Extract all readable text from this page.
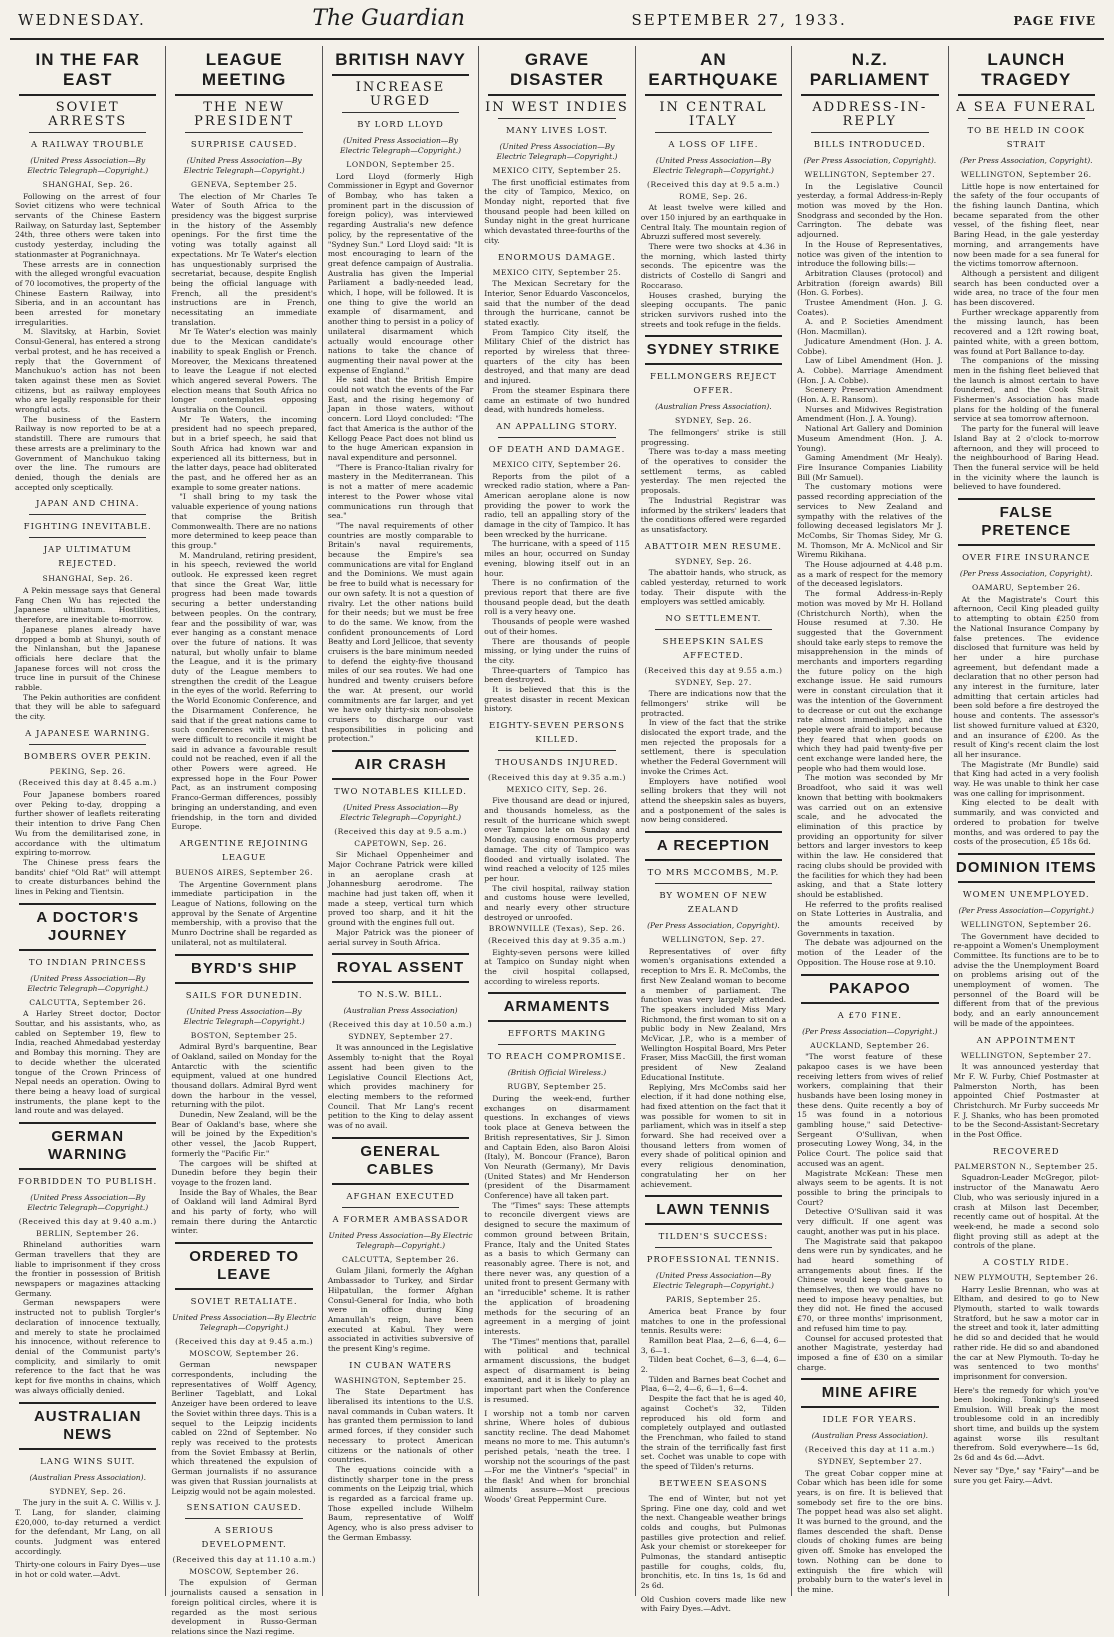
WEDNESDAY.	The Guardian	SEPTEMBER 27, 1933.	PAGE FIVE
IN THE FAR EAST
SOVIET ARRESTS
A RAILWAY TROUBLE
(United Press Association—By Electric Telegraph—Copyright.)
SHANGHAI, Sep. 26.
Following on the arrest of four Soviet citizens who were technical servants of the Chinese Eastern Railway, on Saturday last, September 24th, three others were taken into custody yesterday, including the stationmaster at Pogranichnaya.
These arrests are in connection with the alleged wrongful evacuation of 70 locomotives, the property of the Chinese Eastern Railway, into Siberia, and in an accountant has been arrested for monetary irregularities.
M. Slavitsky, at Harbin, Soviet Consul-General, has entered a strong verbal protest, and he has received a reply that the Government of Manchukuo's action has not been taken against these men as Soviet citizens, but as railway employees who are legally responsible for their wrongful acts.
The business of the Eastern Railway is now reported to be at a standstill. There are rumours that these arrests are a preliminary to the Government of Manchukuo taking over the line. The rumours are denied, though the denials are accepted only sceptically.
JAPAN AND CHINA.
FIGHTING INEVITABLE.
JAP ULTIMATUM REJECTED.
SHANGHAI, Sep. 26.
A Pekin message says that General Fang Chen Wu has rejected the Japanese ultimatum. Hostilities, therefore, are inevitable to-morrow.
Japanese planes already have dropped a bomb at Shunyi, south of the Ninlanshan, but the Japanese officials here declare that the Japanese forces will not cross the truce line in pursuit of the Chinese rabble.
The Pekin authorities are confident that they will be able to safeguard the city.
A JAPANESE WARNING.
BOMBERS OVER PEKIN.
PEKING, Sep. 26.
(Received this day at 8.45 a.m.)
Four Japanese bombers roared over Peking to-day, dropping a further shower of leaflets reiterating their intention to drive Fang Chen Wu from the demilitarised zone, in accordance with the ultimatum expiring to-morrow.
The Chinese press fears the bandits' chief "Old Rat" will attempt to create disturbances behind the lines in Peking and Tientsin.
A DOCTOR'S JOURNEY
TO INDIAN PRINCESS
(United Press Association—By Electric Telegraph—Copyright.)
CALCUTTA, September 26.
A Harley Street doctor, Doctor Souttar, and his assistants, who, as cabled on September 19, flew to India, reached Ahmedabad yesterday and Bombay this morning. They are to decide whether the ulcerated tongue of the Crown Princess of Nepal needs an operation. Owing to there being a heavy load of surgical instruments, the plane kept to the land route and was delayed.
GERMAN WARNING
FORBIDDEN TO PUBLISH.
(United Press Association—By Electric Telegraph—Copyright.)
(Received this day at 9.40 a.m.)
BERLIN, September 26.
Rhineland authorities warn German travellers that they are liable to imprisonment if they cross the frontier in possession of British newspapers or magazines attacking Germany.
German newspapers were instructed not to publish Torgler's declaration of innocence textually, and merely to state he proclaimed his innocence, without reference to denial of the Communist party's complicity, and similarly to omit reference to the fact that he was kept for five months in chains, which was always officially denied.
AUSTRALIAN NEWS
LANG WINS SUIT.
(Australian Press Association).
SYDNEY, Sep. 26.
The jury in the suit A. C. Willis v. J. T. Lang, for slander, claiming £20,000, to-day returned a verdict for the defendant, Mr Lang, on all counts. Judgment was entered accordingly.
Thirty-one colours in Fairy Dyes—use in hot or cold water.—Advt.
LEAGUE MEETING
THE NEW PRESIDENT
SURPRISE CAUSED.
(United Press Association—By Electric Telegraph—Copyright.)
GENEVA, September 25.
The election of Mr Charles Te Water of South Africa to the presidency was the biggest surprise in the history of the Assembly openings. For the first time the voting was totally against all expectations. Mr Te Water's election has unquestionably surprised the secretariat, because, despite English being the official language with French, all the president's instructions are in French, necessitating an immediate translation.
Mr Te Water's election was mainly due to the Mexican candidate's inability to speak English or French. Moreover, the Mexicans threatened to leave the League if not elected which angered several Powers. The election means that South Africa no longer contemplates opposing Australia on the Council.
Mr Te Waters, the incoming president had no speech prepared, but in a brief speech, he said that South Africa had known war and experienced all its bitterness, but in the latter days, peace had obliterated the past, and he offered her as an example to some greater nations.
"I shall bring to my task the valuable experience of young nations that comprise the British Commonwealth. There are no nations more determined to keep peace than this group."
M. Mandruland, retiring president, in his speech, reviewed the world outlook. He expressed keen regret that since the Great War, little progress had been made towards securing a better understanding between peoples. On the contrary, fear and the possibility of war, was ever hanging as a constant menace over the future of nations. It was natural, but wholly unfair to blame the League, and it is the primary duty of the League members to strengthen the credit of the League in the eyes of the world. Referring to the World Economic Conference, and the Disarmament Conference, he said that if the great nations came to such conferences with views that were difficult to reconcile it might be said in advance a favourable result could not be reached, even if all the other Powers were agreed. He expressed hope in the Four Power Pact, as an instrument composing Franco-German differences, possibly bringing an understanding, and even friendship, in the torn and divided Europe.
ARGENTINE REJOINING LEAGUE
BUENOS AIRES, September 26.
The Argentine Government plans immediate participation in the League of Nations, following on the approval by the Senate of Argentine membership, with a proviso that the Munro Doctrine shall be regarded as unilateral, not as multilateral.
BYRD'S SHIP
SAILS FOR DUNEDIN.
(United Press Association—By Electric Telegraph—Copyright.)
BOSTON, September 25.
Admiral Byrd's barquentine, Bear of Oakland, sailed on Monday for the Antarctic with the scientific equipment, valued at one hundred thousand dollars. Admiral Byrd went down the harbour in the vessel, returning with the pilot.
Dunedin, New Zealand, will be the Bear of Oakland's base, where she will be joined by the Expedition's other vessel, the Jacob Ruppert, formerly the "Pacific Fir."
The cargoes will be shifted at Dunedin before they begin their voyage to the frozen land.
Inside the Bay of Whales, the Bear of Oakland will land Admiral Byrd and his party of forty, who will remain there during the Antarctic winter.
ORDERED TO LEAVE
SOVIET RETALIATE.
United Press Association—By Electric Telegraph—Copyright.)
(Received this day at 9.45 a.m.)
MOSCOW, September 26.
German newspaper correspondents, including the representatives of Wolff Agency, Berliner Tageblatt, and Lokal Anzeiger have been ordered to leave the Soviet within three days. This is a sequel to the Leipzig incidents cabled on 22nd of September. No reply was received to the protests from the Soviet Embassy at Berlin, which threatened the expulsion of German journalists if no assurance was given that Russian journalists at Leipzig would not be again molested.
SENSATION CAUSED.
A SERIOUS DEVELOPMENT.
(Received this day at 11.10 a.m.)
MOSCOW, September 26.
The expulsion of German journalists caused a sensation in foreign political circles, where it is regarded as the most serious development in Russo-German relations since the Nazi regime.
BRITISH NAVY
INCREASE URGED
BY LORD LLOYD
(United Press Association—By Electric Telegraph—Copyright.)
LONDON, September 25.
Lord Lloyd (formerly High Commissioner in Egypt and Governor of Bombay, who has taken a prominent part in the discussion of foreign policy), was interviewed regarding Australia's new defence policy, by the representative of the "Sydney Sun." Lord Lloyd said: "It is most encouraging to learn of the great defence campaign of Australia. Australia has given the Imperial Parliament a badly-needed lead, which, I hope, will be followed. It is one thing to give the world an example of disarmament, and another thing to persist in a policy of unilateral disarmament which actually would encourage other nations to take the chance of augmenting their naval power at the expense of England."
He said that the British Empire could not watch the events of the Far East, and the rising hegemony of Japan in those waters, without concern. Lord Lloyd concluded: "The fact that America is the author of the Kellogg Peace Pact does not blind us to the huge American expansion in naval expenditure and personnel.
"There is Franco-Italian rivalry for mastery in the Mediterranean. This is not a matter of mere academic interest to the Power whose vital communications run through that sea."
"The naval requirements of other countries are mostly comparable to Britain's naval requirements, because the Empire's sea communications are vital for England and the Dominions. We must again be free to build what is necessary for our own safety. It is not a question of rivalry. Let the other nations build for their needs; but we must be free to do the same. We know, from the confident pronouncements of Lord Beatty and Lord Jellicoe, that seventy cruisers is the bare minimum needed to defend the eighty-five thousand miles of our sea routes. We had one hundred and twenty cruisers before the war. At present, our world commitments are far larger, and yet we have only thirty-six non-obsolete cruisers to discharge our vast responsibilities in policing and protection."
AIR CRASH
TWO NOTABLES KILLED.
(United Press Association—By Electric Telegraph—Copyright.)
(Received this day at 9.5 a.m.)
CAPETOWN, Sep. 26.
Sir Michael Oppenheimer and Major Cochrane Patrick were killed in an aeroplane crash at Johannesburg aerodrome. The machine had just taken off, when it made a steep, vertical turn which proved too sharp, and it hit the ground with the engines full out.
Major Patrick was the pioneer of aerial survey in South Africa.
ROYAL ASSENT
TO N.S.W. BILL.
(Australian Press Association)
(Received this day at 10.50 a.m.)
SYDNEY, September 27.
It was announced in the Legislative Assembly to-night that the Royal assent had been given to the Legislative Council Elections Act, which provides machinery for electing members to the reformed Council. That Mr Lang's recent petition to the King to delay assent was of no avail.
GENERAL CABLES
AFGHAN EXECUTED
A FORMER AMBASSADOR
United Press Association—By Electric Telegraph—Copyright.)
CALCUTTA, September 26.
Gulam Jilani, formerly the Afghan Ambassador to Turkey, and Sirdar Hilpatullan, the former Afghan Consul-General for India, who both were in office during King Amanullah's reign, have been executed at Kabul. They were associated in activities subversive of the present King's regime.
IN CUBAN WATERS
WASHINGTON, September 25.
The State Department has liberalised its intentions to the U.S. naval commands in Cuban waters. It has granted them permission to land armed forces, if they consider such necessary to protect American citizens or the nationals of other countries.
The equations coincide with a distinctly sharper tone in the press comments on the Leipzig trial, which is regarded as a farcical frame up. Those expelled include Wilhelm Baum, representative of Wolff Agency, who is also press adviser to the German Embassy.
GRAVE DISASTER
IN WEST INDIES
MANY LIVES LOST.
(United Press Association—By Electric Telegraph—Copyright.)
MEXICO CITY, September 25.
The first unofficial estimates from the city of Tampico, Mexico, on Monday night, reported that five thousand people had been killed on Sunday night in the great hurricane which devastated three-fourths of the city.
ENORMOUS DAMAGE.
MEXICO CITY, September 25.
The Mexican Secretary for the Interior, Senor Eduardo Vasconcelos, said that the number of the dead through the hurricane, cannot be stated exactly.
From Tampico City itself, the Military Chief of the district has reported by wireless that three-quarters of the city has been destroyed, and that many are dead and injured.
From the steamer Espinara there came an estimate of two hundred dead, with hundreds homeless.
AN APPALLING STORY.
OF DEATH AND DAMAGE.
MEXICO CITY, September 26.
Reports from the pilot of a wrecked radio station, where a Pan-American aeroplane alone is now providing the power to work the radio, tell an appalling story of the damage in the city of Tampico. It has been wrecked by the hurricane.
The hurricane, with a speed of 115 miles an hour, occurred on Sunday evening, blowing itself out in an hour.
There is no confirmation of the previous report that there are five thousand people dead, but the death roll is a very heavy one.
Thousands of people were washed out of their homes.
There are thousands of people missing, or lying under the ruins of the city.
Three-quarters of Tampico has been destroyed.
It is believed that this is the greatest disaster in recent Mexican history.
EIGHTY-SEVEN PERSONS KILLED.
THOUSANDS INJURED.
(Received this day at 9.35 a.m.)
MEXICO CITY, Sep. 26.
Five thousand are dead or injured, and thousands homeless, as the result of the hurricane which swept over Tampico late on Sunday and Monday, causing enormous property damage. The city of Tampico was flooded and virtually isolated. The wind reached a velocity of 125 miles per hour.
The civil hospital, railway station and customs house were levelled, and nearly every other structure destroyed or unroofed.
BROWNVILLE (Texas), Sep. 26.
(Received this day at 9.35 a.m.)
Eighty-seven persons were killed at Tampico on Sunday night when the civil hospital collapsed, according to wireless reports.
ARMAMENTS
EFFORTS MAKING
TO REACH COMPROMISE.
(British Official Wireless.)
RUGBY, September 25.
During the week-end, further exchanges on disarmament questions. In exchanges of views took place at Geneva between the British representatives, Sir J. Simon and Captain Eden, also Baron Aloisi (Italy), M. Boncour (France), Baron Von Neurath (Germany), Mr Davis (United States) and Mr Henderson (president of the Disarmament Conference) have all taken part.
The "Times" says: These attempts to reconcile divergent views are designed to secure the maximum of common ground between Britain, France, Italy and the United States as a basis to which Germany can reasonably agree. There is not, and there never was, any question of a united front to present Germany with an "irreducible" scheme. It is rather the application of broadening methods for the securing of an agreement in a merging of joint interests.
The "Times" mentions that, parallel with political and technical armament discussions, the budget aspect of disarmament is being examined, and it is likely to play an important part when the Conference is resumed.
I worship not a tomb nor carven shrine, Where holes of dubious sanctity recline. The dead Mahomet means no more to me. This autumn's perished petals, 'neath the tree. I worship not the scourings of the past—For me the Vintner's "special" in the flask! And when for bronchial ailments assure—Most precious Woods' Great Peppermint Cure.
AN EARTHQUAKE
IN CENTRAL ITALY
A LOSS OF LIFE.
(United Press Association—By Electric Telegraph—Copyright.)
(Received this day at 9.5 a.m.)
ROME, Sep. 26.
At least twelve were killed and over 150 injured by an earthquake in Central Italy. The mountain region of Abruzzi suffered most severely.
There were two shocks at 4.36 in the morning, which lasted thirty seconds. The epicentre was the districts of Costello di Sangri and Roccaraso.
Houses crashed, burying the sleeping occupants. The panic stricken survivors rushed into the streets and took refuge in the fields.
SYDNEY STRIKE
FELLMONGERS REJECT OFFER.
(Australian Press Association).
SYDNEY, Sep. 26.
The fellmongers' strike is still progressing.
There was to-day a mass meeting of the operatives to consider the settlement terms, as cabled yesterday. The men rejected the proposals.
The Industrial Registrar was informed by the strikers' leaders that the conditions offered were regarded as unsatisfactory.
ABATTOIR MEN RESUME.
SYDNEY, Sep. 26.
The abattoir hands, who struck, as cabled yesterday, returned to work today. Their dispute with the employers was settled amicably.
NO SETTLEMENT.
SHEEPSKIN SALES AFFECTED.
(Received this day at 9.55 a.m.)
SYDNEY, Sep. 27.
There are indications now that the fellmongers' strike will be protracted.
In view of the fact that the strike dislocated the export trade, and the men rejected the proposals for a settlement, there is speculation whether the Federal Government will invoke the Crimes Act.
Employers have notified wool selling brokers that they will not attend the sheepskin sales as buyers, and a postponement of the sales is now being considered.
A RECEPTION
TO MRS MCCOMBS, M.P.
BY WOMEN OF NEW ZEALAND
(Per Press Association, Copyright).
WELLINGTON, Sep. 27.
Representatives of over fifty women's organisations extended a reception to Mrs E. R. McCombs, the first New Zealand woman to become a member of parliament. The function was very largely attended. The speakers included Miss Mary Richmond, the first woman to sit on a public body in New Zealand, Mrs McVicar, J.P., who is a member of Wellington Hospital Board, Mrs Peter Fraser, Miss MacGill, the first woman president of New Zealand Educational Institute.
Replying, Mrs McCombs said her election, if it had done nothing else, had fixed attention on the fact that it was possible for women to sit in parliament, which was in itself a step forward. She had received over a thousand letters from women of every shade of political opinion and every religious denomination, congratulating her on her achievement.
LAWN TENNIS
TILDEN'S SUCCESS:
PROFESSIONAL TENNIS.
(United Press Association—By Electric Telegraph—Copyright.)
PARIS, September 25.
America beat France by four matches to one in the professional tennis. Results were:
Ramillon beat Plaa, 2—6, 6—4, 6—3, 6—1.
Tilden beat Cochet, 6—3, 6—4, 6—2.
Tilden and Barnes beat Cochet and Plaa, 6—2, 4—6, 6—1, 6—4.
Despite the fact that he is aged 40, against Cochet's 32, Tilden reproduced his old form and completely outplayed and outlasted the Frenchman, who failed to stand the strain of the terrifically fast first set. Cochet was unable to cope with the speed of Tilden's returns.
BETWEEN SEASONS
The end of Winter, but not yet Spring. Fine one day, cold and wet the next. Changeable weather brings colds and coughs, but Pulmonas pastilles give protection and relief. Ask your chemist or storekeeper for Pulmonas, the standard antiseptic pastille for coughs, colds, flu, bronchitis, etc. In tins 1s, 1s 6d and 2s 6d.
Old Cushion covers made like new with Fairy Dyes.—Advt.
N.Z. PARLIAMENT
ADDRESS-IN-REPLY
BILLS INTRODUCED.
(Per Press Association, Copyright).
WELLINGTON, September 27.
In the Legislative Council yesterday, a formal Address-in-Reply motion was moved by the Hon. Snodgrass and seconded by the Hon. Carrington. The debate was adjourned.
In the House of Representatives, notice was given of the intention to introduce the following bills:—
Arbitration Clauses (protocol) and Arbitration (foreign awards) Bill (Hon. G. Forbes).
Trustee Amendment (Hon. J. G. Coates).
A. and P. Societies Amendment (Hon. Macmillan).
Judicature Amendment (Hon. J. A. Cobbe).
Law of Libel Amendment (Hon. J. A. Cobbe). Marriage Amendment (Hon. J. A. Cobbe).
Scenery Preservation Amendment (Hon. A. E. Ransom).
Nurses and Midwives Registration Amendment (Hon. J. A. Young).
National Art Gallery and Dominion Museum Amendment (Hon. J. A. Young).
Gaming Amendment (Mr Healy). Fire Insurance Companies Liability Bill (Mr Samuel).
The customary motions were passed recording appreciation of the services to New Zealand and sympathy with the relatives of the following deceased legislators Mr J. McCombs, Sir Thomas Sidey, Mr G. M. Thomson, Mr A. McNicol and Sir Wiremu Rikihana.
The House adjourned at 4.48 p.m. as a mark of respect for the memory of the deceased legislators.
The formal Address-in-Reply motion was moved by Mr H. Holland (Christchurch North), when the House resumed at 7.30. He suggested that the Government should take early steps to remove the misapprehension in the minds of merchants and importers regarding the future policy on the high exchange issue. He said rumours were in constant circulation that it was the intention of the Government to decrease or cut out the exchange rate almost immediately, and the people were afraid to import because they feared that when goods on which they had paid twenty-five per cent exchange were landed here, the people who had them would lose.
The motion was seconded by Mr Broadfoot, who said it was well known that betting with bookmakers was carried out on an extensive scale, and he advocated the elimination of this practice by providing an opportunity for silver bettors and larger investors to keep within the law. He considered that racing clubs should be provided with the facilities for which they had been asking, and that a State lottery should be established.
He referred to the profits realised on State Lotteries in Australia, and the amounts received by Governments in taxation.
The debate was adjourned on the motion of the Leader of the Opposition. The House rose at 9.10.
PAKAPOO
A £70 FINE.
(Per Press Association—Copyright.)
AUCKLAND, September 26.
"The worst feature of these pakapoo cases is we have been receiving letters from wives of relief workers, complaining that their husbands have been losing money in these dens. Quite recently a boy of 15 was found in a notorious gambling house," said Detective-Sergeant O'Sullivan, when prosecuting Lowey Wong, 34, in the Police Court. The police said that accused was an agent.
Magistrate McKean: These men always seem to be agents. It is not possible to bring the principals to Court?
Detective O'Sullivan said it was very difficult. If one agent was caught, another was put in his place.
The Magistrate said that pakapoo dens were run by syndicates, and he had heard something of arrangements about fines. If the Chinese would keep the games to themselves, then we would have no need to impose heavy penalties, but they did not. He fined the accused £70, or three months' imprisonment, and refused him time to pay.
Counsel for accused protested that another Magistrate, yesterday had imposed a fine of £30 on a similar charge.
MINE AFIRE
IDLE FOR YEARS.
(Australian Press Association).
(Received this day at 11 a.m.)
SYDNEY, September 27.
The great Cobar copper mine at Cobar which has been idle for some years, is on fire. It is believed that somebody set fire to the ore bins. The poppet head was also set alight. It was burned to the ground, and the flames descended the shaft. Dense clouds of choking fumes are being given off. Smoke has enveloped the town. Nothing can be done to extinguish the fire which will probably burn to the water's level in the mine.
LAUNCH TRAGEDY
A SEA FUNERAL
TO BE HELD IN COOK STRAIT
(Per Press Association, Copyright).
WELLINGTON, September 26.
Little hope is now entertained for the safety of the four occupants of the fishing launch Dantina, which became separated from the other vessel, of the fishing fleet, near Baring Head, in the gale yesterday morning, and arrangements have now been made for a sea funeral for the victims tomorrow afternoon.
Although a persistent and diligent search has been conducted over a wide area, no trace of the four men has been discovered.
Further wreckage apparently from the missing launch, has been recovered and a 12ft rowing boat, painted white, with a green bottom, was found at Port Ballance to-day.
The companions of the missing men in the fishing fleet believed that the launch is almost certain to have foundered, and the Cook Strait Fishermen's Association has made plans for the holding of the funeral service at sea tomorrow afternoon.
The party for the funeral will leave Island Bay at 2 o'clock to-morrow afternoon, and they will proceed to the neighbourhood of Baring Head. Then the funeral service will be held in the vicinity where the launch is believed to have foundered.
FALSE PRETENCE
OVER FIRE INSURANCE
(Per Press Association, Copyright).
OAMARU, September 26.
At the Magistrate's Court this afternoon, Cecil King pleaded guilty to attempting to obtain £250 from the National Insurance Company by false pretences. The evidence disclosed that furniture was held by her under a hire purchase agreement, but defendant made a declaration that no other person had any interest in the furniture, later admitting that certain articles had been sold before a fire destroyed the house and contents. The assessor's list showed furniture valued at £320, and an insurance of £200. As the result of King's recent claim the lost all her insurance.
The Magistrate (Mr Bundle) said that King had acted in a very foolish way. He was unable to think her case was one calling for imprisonment.
King elected to be dealt with summarily, and was convicted and ordered to probation for twelve months, and was ordered to pay the costs of the prosecution, £5 18s 6d.
DOMINION ITEMS
WOMEN UNEMPLOYED.
(Per Press Association—Copyright.)
WELLINGTON, September 26.
The Government have decided to re-appoint a Women's Unemployment Committee. Its functions are to be to advise the the Unemployment Board on problems arising out of the unemployment of women. The personnel of the Board will be different from that of the previous body, and an early announcement will be made of the appointees.
AN APPOINTMENT
WELLINGTON, September 27.
It was announced yesterday that Mr F. W. Furby, Chief Postmaster at Palmerston North, has been appointed Chief Postmaster at Christchurch. Mr Furby succeeds Mr F. J. Shanks, who has been promoted to be the Second-Assistant-Secretary in the Post Office.
RECOVERED
PALMERSTON N., September 25.
Squadron-Leader McGregor, pilot-instructor of the Manawatu Aero Club, who was seriously injured in a crash at Milson last December, recently came out of hospital. At the week-end, he made a second solo flight proving still as adept at the controls of the plane.
A COSTLY RIDE.
NEW PLYMOUTH, September 26.
Harry Leslie Brennan, who was at Eltham, and desired to go to New Plymouth, started to walk towards Stratford, but he saw a motor car in the street and took it, later admitting he did so and decided that he would rather ride. He did so and abandoned the car at New Plymouth. To-day he was sentenced to two months' imprisonment for conversion.
Here's the remedy for which you've been looking. Tonking's Linseed Emulsion. Will break up the most troublesome cold in an incredibly short time, and builds up the system against worse ills resultant therefrom. Sold everywhere—1s 6d, 2s 6d and 4s 6d.—Advt.
Never say "Dye," say "Fairy"—and be sure you get Fairy.—Advt.
